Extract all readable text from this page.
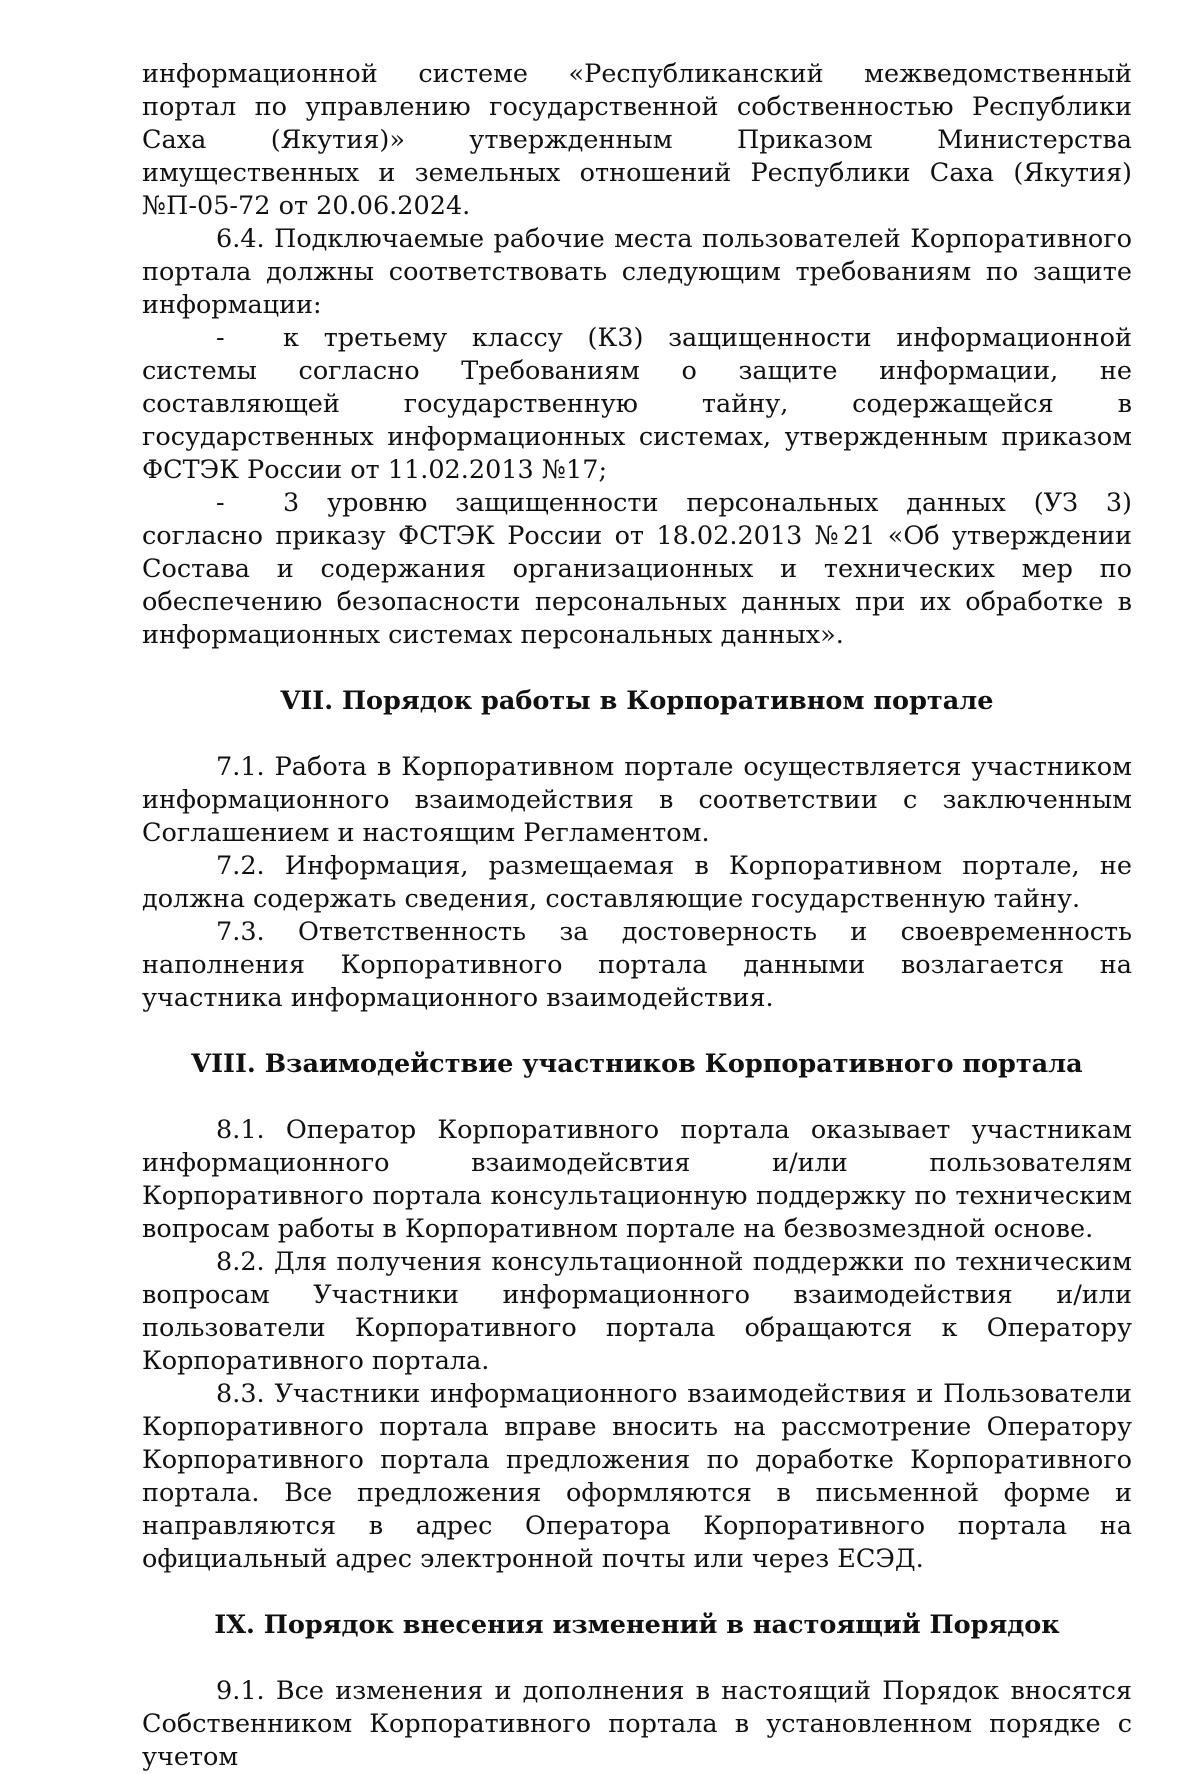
информационной системе «Республиканский межведомственный портал по управлению государственной собственностью Республики Саха (Якутия)» утвержденным Приказом Министерства имущественных и земельных отношений Республики Саха (Якутия) №П-05-72 от 20.06.2024.

6.4. Подключаемые рабочие места пользователей Корпоративного портала должны соответствовать следующим требованиям по защите информации:

- к третьему классу (К3) защищенности информационной системы согласно Требованиям о защите информации, не составляющей государственную тайну, содержащейся в государственных информационных системах, утвержденным приказом ФСТЭК России от 11.02.2013 №17;

- 3 уровню защищенности персональных данных (УЗ 3) согласно приказу ФСТЭК России от 18.02.2013 №21 «Об утверждении Состава и содержания организационных и технических мер по обеспечению безопасности персональных данных при их обработке в информационных системах персональных данных».

VII. Порядок работы в Корпоративном портале

7.1. Работа в Корпоративном портале осуществляется участником информационного взаимодействия в соответствии с заключенным Соглашением и настоящим Регламентом.

7.2. Информация, размещаемая в Корпоративном портале, не должна содержать сведения, составляющие государственную тайну.

7.3. Ответственность за достоверность и своевременность наполнения Корпоративного портала данными возлагается на участника информационного взаимодействия.

VIII. Взаимодействие участников Корпоративного портала

8.1. Оператор Корпоративного портала оказывает участникам информационного взаимодейсвтия и/или пользователям Корпоративного портала консультационную поддержку по техническим вопросам работы в Корпоративном портале на безвозмездной основе.

8.2. Для получения консультационной поддержки по техническим вопросам Участники информационного взаимодействия и/или пользователи Корпоративного портала обращаются к Оператору Корпоративного портала.

8.3. Участники информационного взаимодействия и Пользователи Корпоративного портала вправе вносить на рассмотрение Оператору Корпоративного портала предложения по доработке Корпоративного портала. Все предложения оформляются в письменной форме и направляются в адрес Оператора Корпоративного портала на официальный адрес электронной почты или через ЕСЭД.

IX. Порядок внесения изменений в настоящий Порядок

9.1. Все изменения и дополнения в настоящий Порядок вносятся Собственником Корпоративного портала в установленном порядке с учетом
